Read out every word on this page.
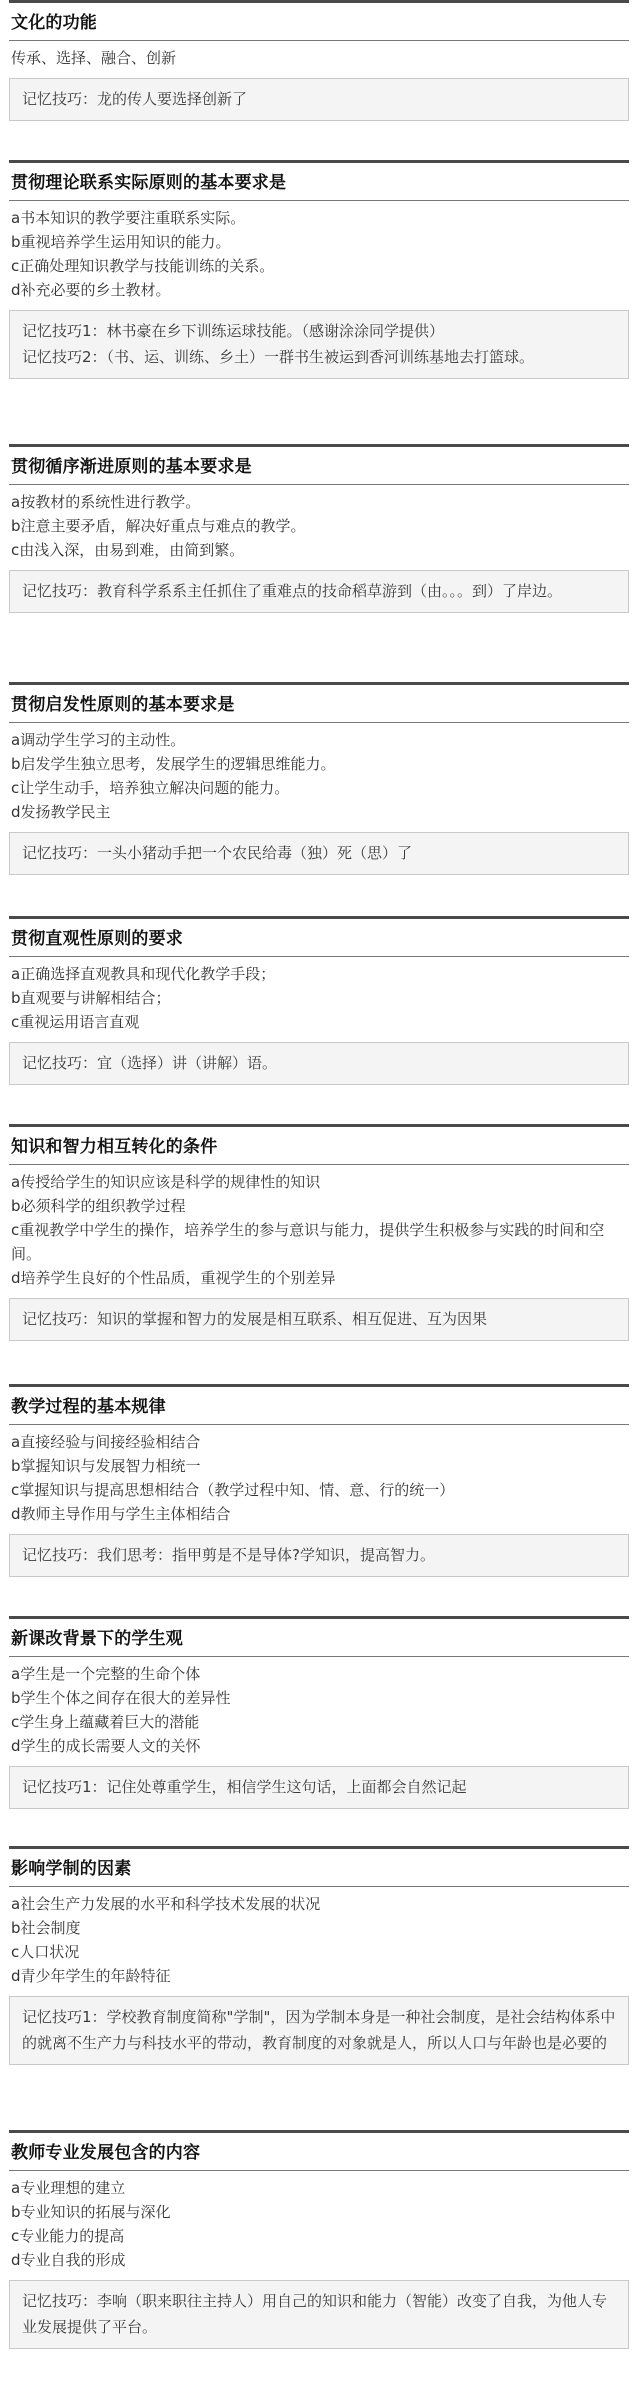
文化的功能
传承、选择、融合、创新

记忆技巧：龙的传人要选择创新了

贯彻理论联系实际原则的基本要求是
a书本知识的教学要注重联系实际。
b重视培养学生运用知识的能力。
c正确处理知识教学与技能训练的关系。
d补充必要的乡土教材。

记忆技巧1：林书豪在乡下训练运球技能。（感谢涂涂同学提供）

记忆技巧2：（书、运、训练、乡土）一群书生被运到香河训练基地去打篮球。

贯彻循序渐进原则的基本要求是
a按教材的系统性进行教学。
b注意主要矛盾，解决好重点与难点的教学。
c由浅入深，由易到难，由简到繁。

记忆技巧：教育科学系系主任抓住了重难点的技命稻草游到（由。。。到）了岸边。

贯彻启发性原则的基本要求是
a调动学生学习的主动性。
b启发学生独立思考，发展学生的逻辑思维能力。
c让学生动手，培养独立解决问题的能力。
d发扬教学民主

记忆技巧：一头小猪动手把一个农民给毒（独）死（思）了

贯彻直观性原则的要求
a正确选择直观教具和现代化教学手段；
b直观要与讲解相结合；
c重视运用语言直观

记忆技巧：宜（选择）讲（讲解）语。

知识和智力相互转化的条件
a传授给学生的知识应该是科学的规律性的知识
b必须科学的组织教学过程
c重视教学中学生的操作，培养学生的参与意识与能力，提供学生积极参与实践的时间和空间。
d培养学生良好的个性品质，重视学生的个别差异

记忆技巧：知识的掌握和智力的发展是相互联系、相互促进、互为因果

教学过程的基本规律
a直接经验与间接经验相结合
b掌握知识与发展智力相统一
c掌握知识与提高思想相结合（教学过程中知、情、意、行的统一）
d教师主导作用与学生主体相结合

记忆技巧：我们思考：指甲剪是不是导体?学知识，提高智力。

新课改背景下的学生观
a学生是一个完整的生命个体
b学生个体之间存在很大的差异性
c学生身上蕴藏着巨大的潜能
d学生的成长需要人文的关怀

记忆技巧1：记住处尊重学生，相信学生这句话，上面都会自然记起

影响学制的因素
a社会生产力发展的水平和科学技术发展的状况
b社会制度
c人口状况
d青少年学生的年龄特征

记忆技巧1：学校教育制度简称"学制"，因为学制本身是一种社会制度，是社会结构体系中的就离不生产力与科技水平的带动，教育制度的对象就是人，所以人口与年龄也是必要的

教师专业发展包含的内容
a专业理想的建立
b专业知识的拓展与深化
c专业能力的提高
d专业自我的形成

记忆技巧：李响（职来职往主持人）用自己的知识和能力（智能）改变了自我，为他人专业发展提供了平台。
